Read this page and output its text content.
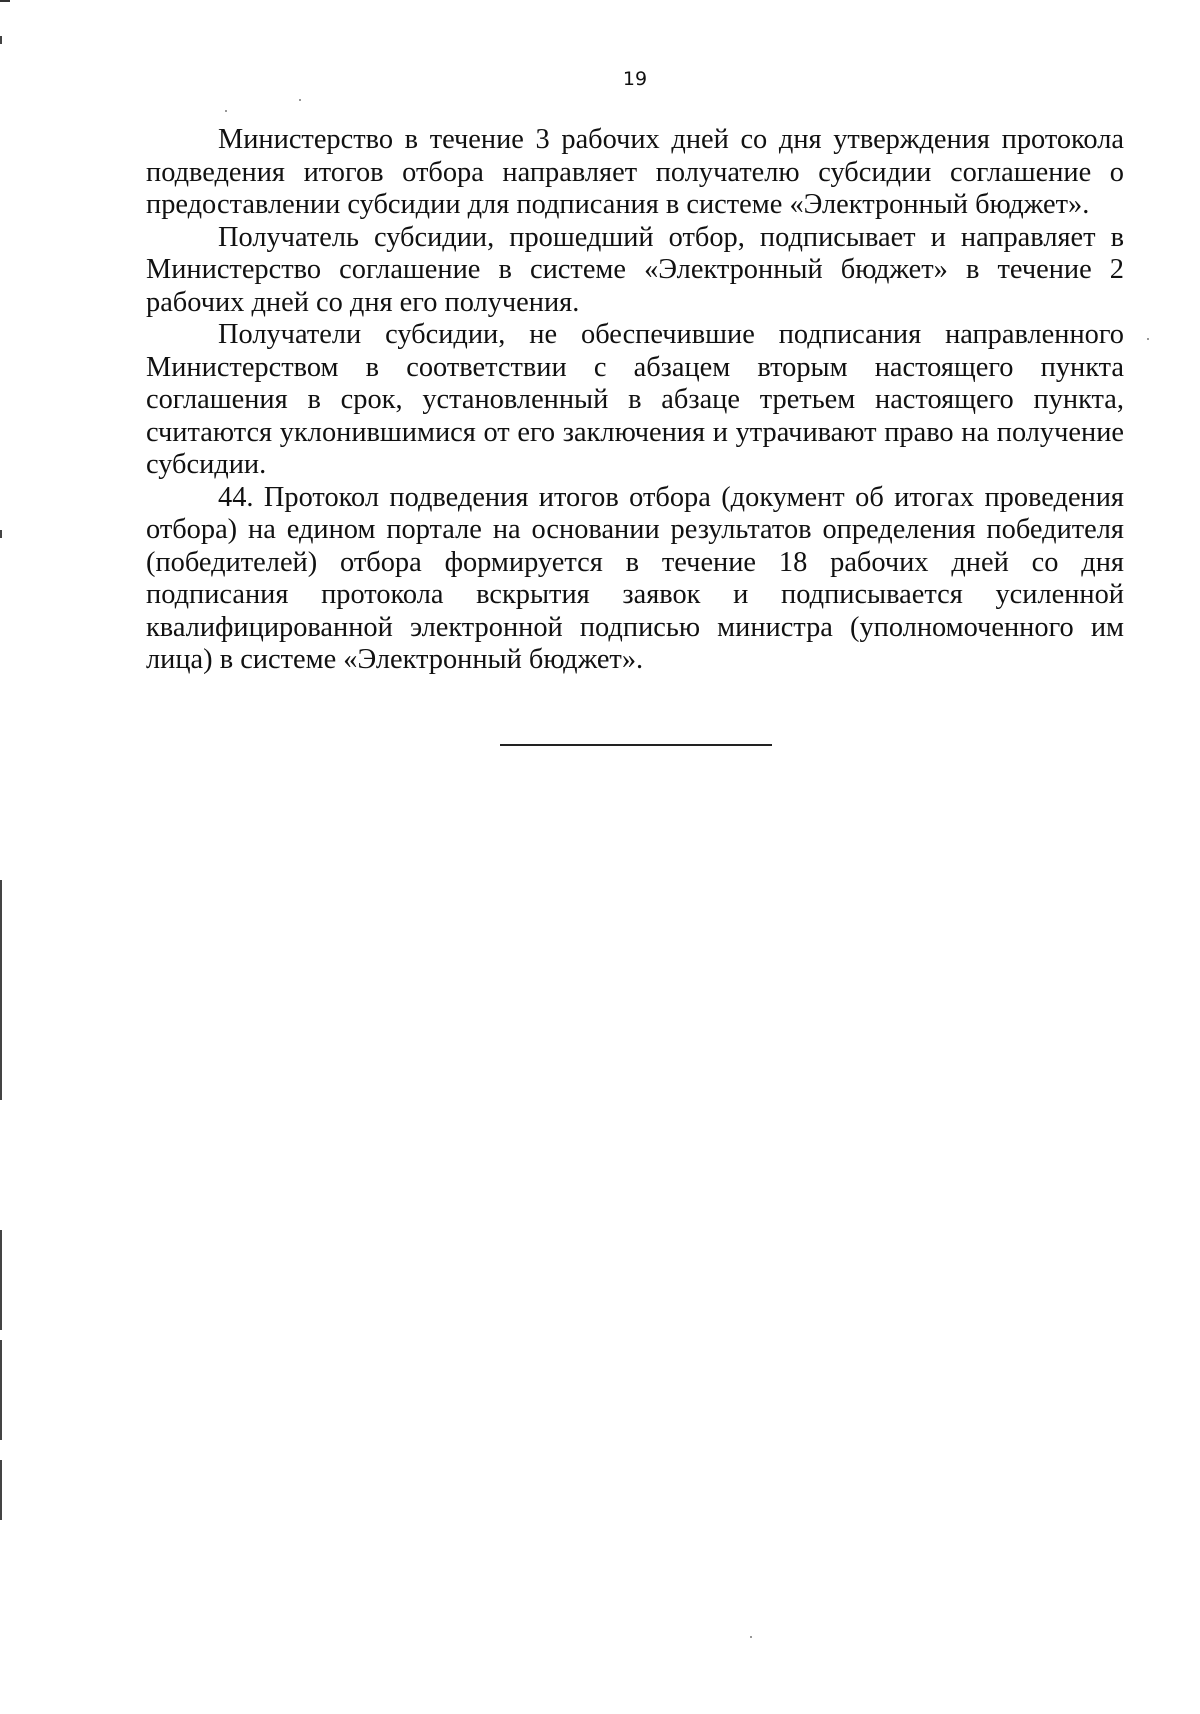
19

Министерство в течение 3 рабочих дней со дня утверждения протокола подведения итогов отбора направляет получателю субсидии соглашение о предоставлении субсидии для подписания в системе «Электронный бюджет».

Получатель субсидии, прошедший отбор, подписывает и направляет в Министерство соглашение в системе «Электронный бюджет» в течение 2 рабочих дней со дня его получения.

Получатели субсидии, не обеспечившие подписания направленного Министерством в соответствии с абзацем вторым настоящего пункта соглашения в срок, установленный в абзаце третьем настоящего пункта, считаются уклонившимися от его заключения и утрачивают право на получение субсидии.

44. Протокол подведения итогов отбора (документ об итогах проведения отбора) на едином портале на основании результатов определения победителя (победителей) отбора формируется в течение 18 рабочих дней со дня подписания протокола вскрытия заявок и подписывается усиленной квалифицированной электронной подписью министра (уполномоченного им лица) в системе «Электронный бюджет».
